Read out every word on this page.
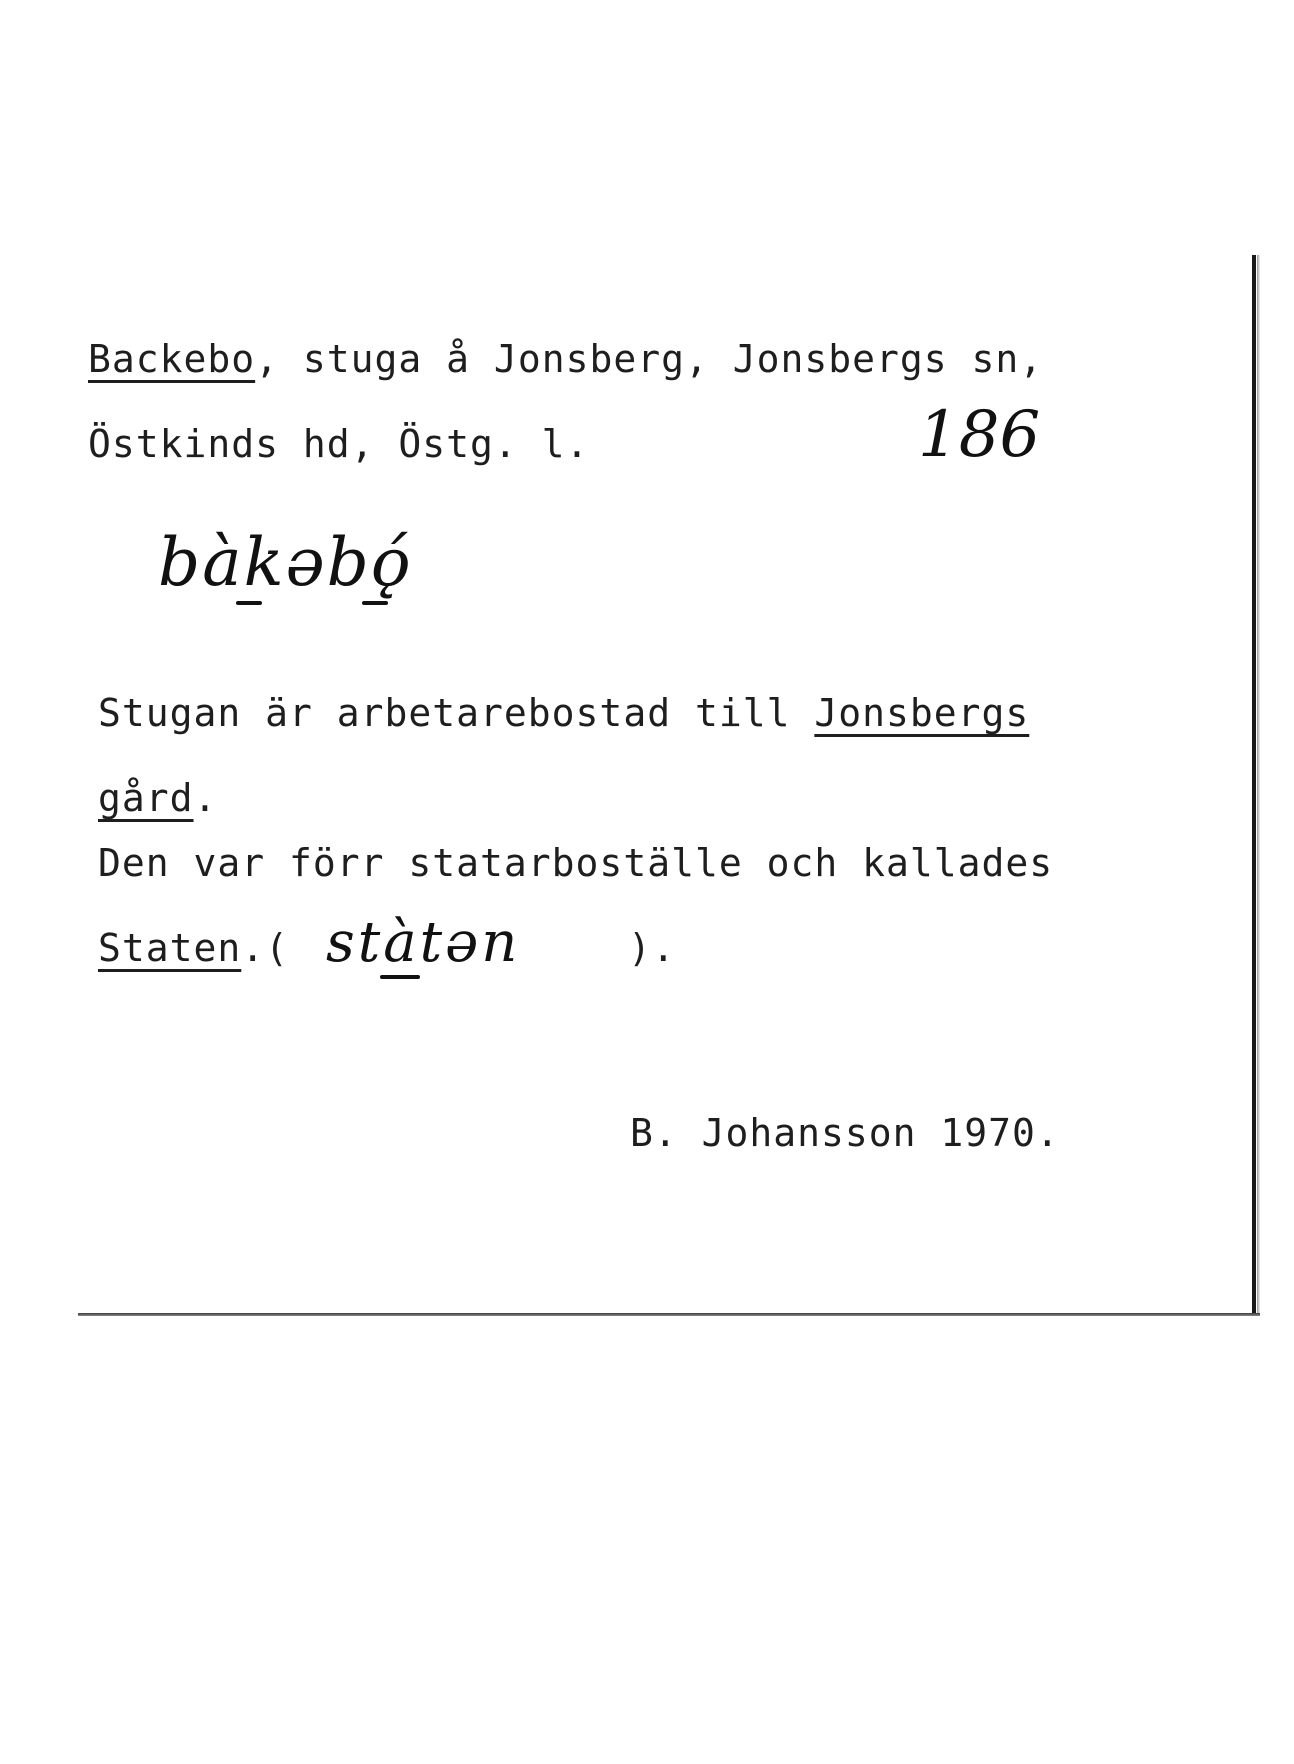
Backebo, stuga å Jonsberg, Jonsbergs sn,
Östkinds hd, Östg. l.	186
bàkəbǫ́
Stugan är arbetarebostad till Jonsbergs
gård.
Den var förr statarboställe och kallades
Staten.( stàtən	).
B. Johansson 1970.
